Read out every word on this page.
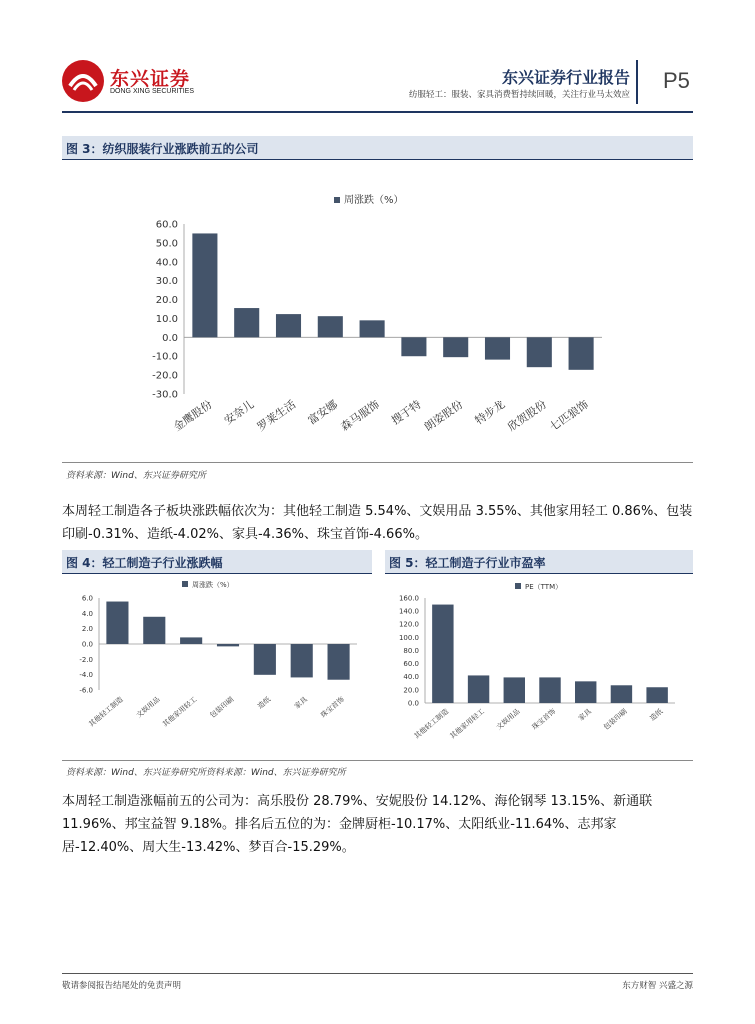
东兴证券
DONG XING SECURITIES
东兴证券行业报告
纺服轻工：服装、家具消费暂持续回暖，关注行业马太效应
P5
图 3：纺织服装行业涨跌前五的公司
周涨跌（%）
60.0
50.0
40.0
30.0
20.0
10.0
0.0
-10.0
-20.0
-30.0
金鹰股份 安奈儿
罗莱生活 富安娜
森马服饰 搜于特
朗姿股份 特步龙
欣贺股份
七匹狼饰
资料来源：Wind、东兴证券研究所
本周轻工制造各子板块涨跌幅依次为：其他轻工制造 5.54%、文娱用品 3.55%、其他家用轻工 0.86%、包装印刷-0.31%、造纸-4.02%、家具-4.36%、珠宝首饰-4.66%。
图 4：轻工制造子行业涨跌幅	图 5：轻工制造子行业市盈率
周涨跌（%）
6.0
4.0
2.0
0.0
-2.0
-4.0
-6.0
其他轻工制造 文娱用品 其他家用轻工 包装印刷	造纸	家具 珠宝首饰
PE（TTM）
160.0
140.0
120.0
100.0
80.0
60.0
40.0
20.0
0.0
其他轻工制造
其他家用轻工 文娱用品 珠宝首饰	家具 包装印刷	造纸
资料来源：Wind、东兴证券研究所资料来源：Wind、东兴证券研究所
本周轻工制造涨幅前五的公司为：高乐股份 28.79%、安妮股份 14.12%、海伦钢琴 13.15%、新通联 11.96%、邦宝益智 9.18%。排名后五位的为：金牌厨柜-10.17%、太阳纸业-11.64%、志邦家居-12.40%、周大生-13.42%、梦百合-15.29%。
敬请参阅报告结尾处的免责声明	东方财智 兴盛之源
